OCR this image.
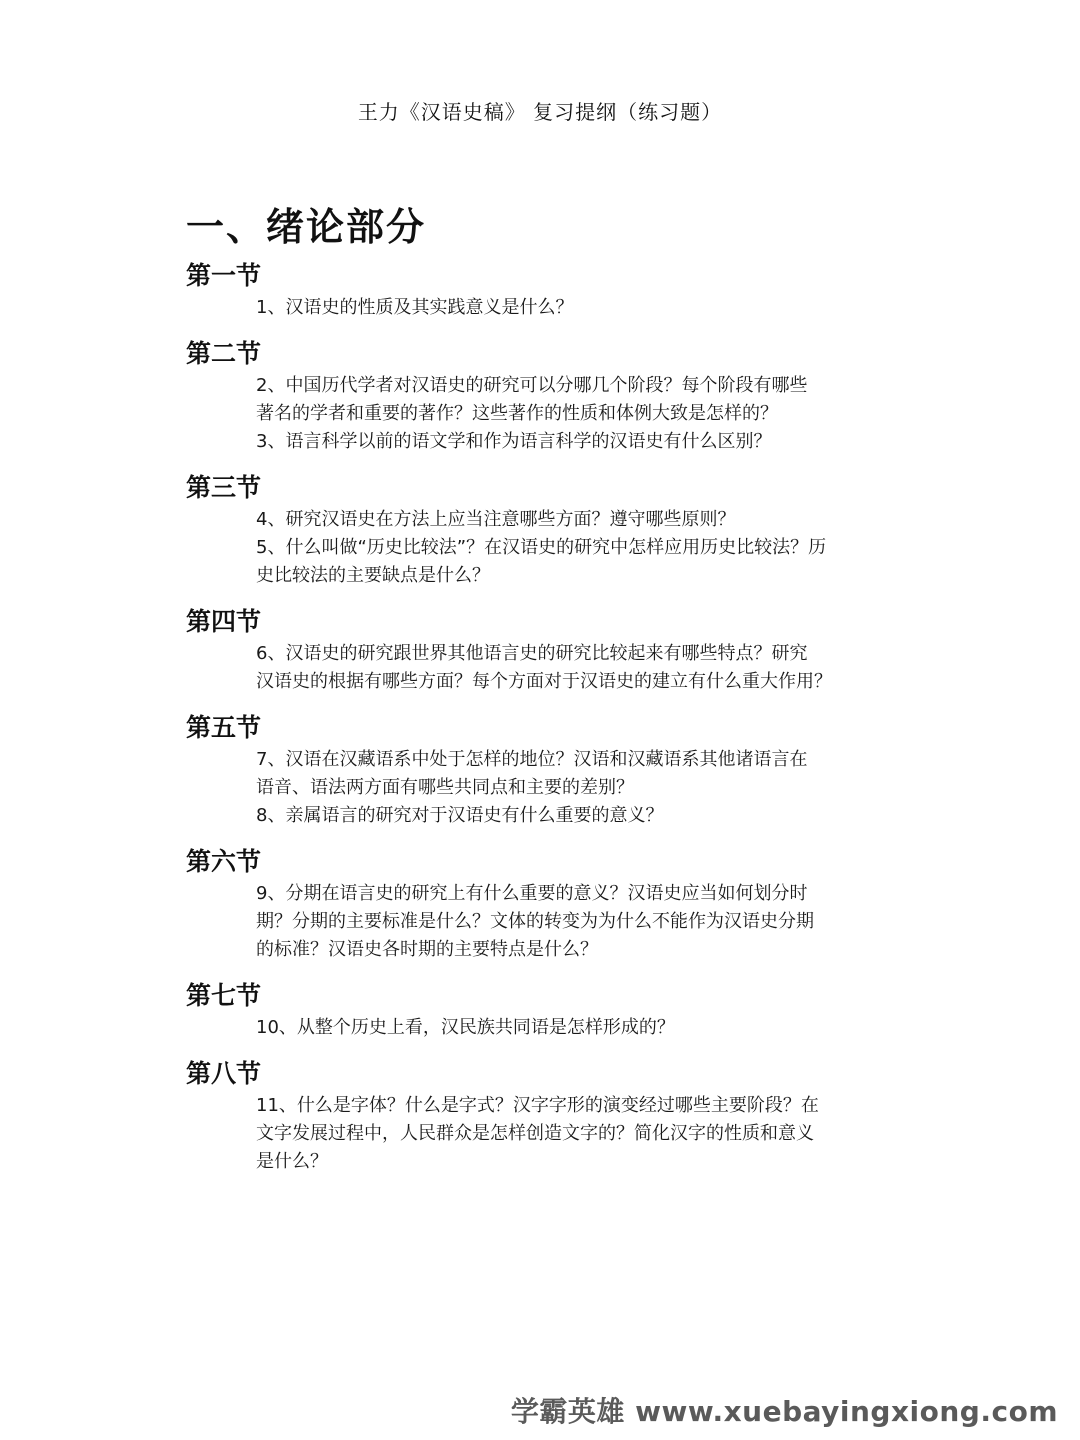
王力《汉语史稿》 复习提纲（练习题）
一、绪论部分
第一节
1、汉语史的性质及其实践意义是什么？
第二节
2、中国历代学者对汉语史的研究可以分哪几个阶段？每个阶段有哪些
著名的学者和重要的著作？这些著作的性质和体例大致是怎样的？
3、语言科学以前的语文学和作为语言科学的汉语史有什么区别？
第三节
4、研究汉语史在方法上应当注意哪些方面？遵守哪些原则？
5、什么叫做“历史比较法”？在汉语史的研究中怎样应用历史比较法？历
史比较法的主要缺点是什么？
第四节
6、汉语史的研究跟世界其他语言史的研究比较起来有哪些特点？研究
汉语史的根据有哪些方面？每个方面对于汉语史的建立有什么重大作用？
第五节
7、汉语在汉藏语系中处于怎样的地位？汉语和汉藏语系其他诸语言在
语音、语法两方面有哪些共同点和主要的差别？
8、亲属语言的研究对于汉语史有什么重要的意义？
第六节
9、分期在语言史的研究上有什么重要的意义？汉语史应当如何划分时
期？分期的主要标准是什么？文体的转变为为什么不能作为汉语史分期
的标准？汉语史各时期的主要特点是什么？
第七节
10、从整个历史上看，汉民族共同语是怎样形成的？
第八节
11、什么是字体？什么是字式？汉字字形的演变经过哪些主要阶段？在
文字发展过程中，人民群众是怎样创造文字的？简化汉字的性质和意义
是什么？
学霸英雄 www.xuebayingxiong.com
